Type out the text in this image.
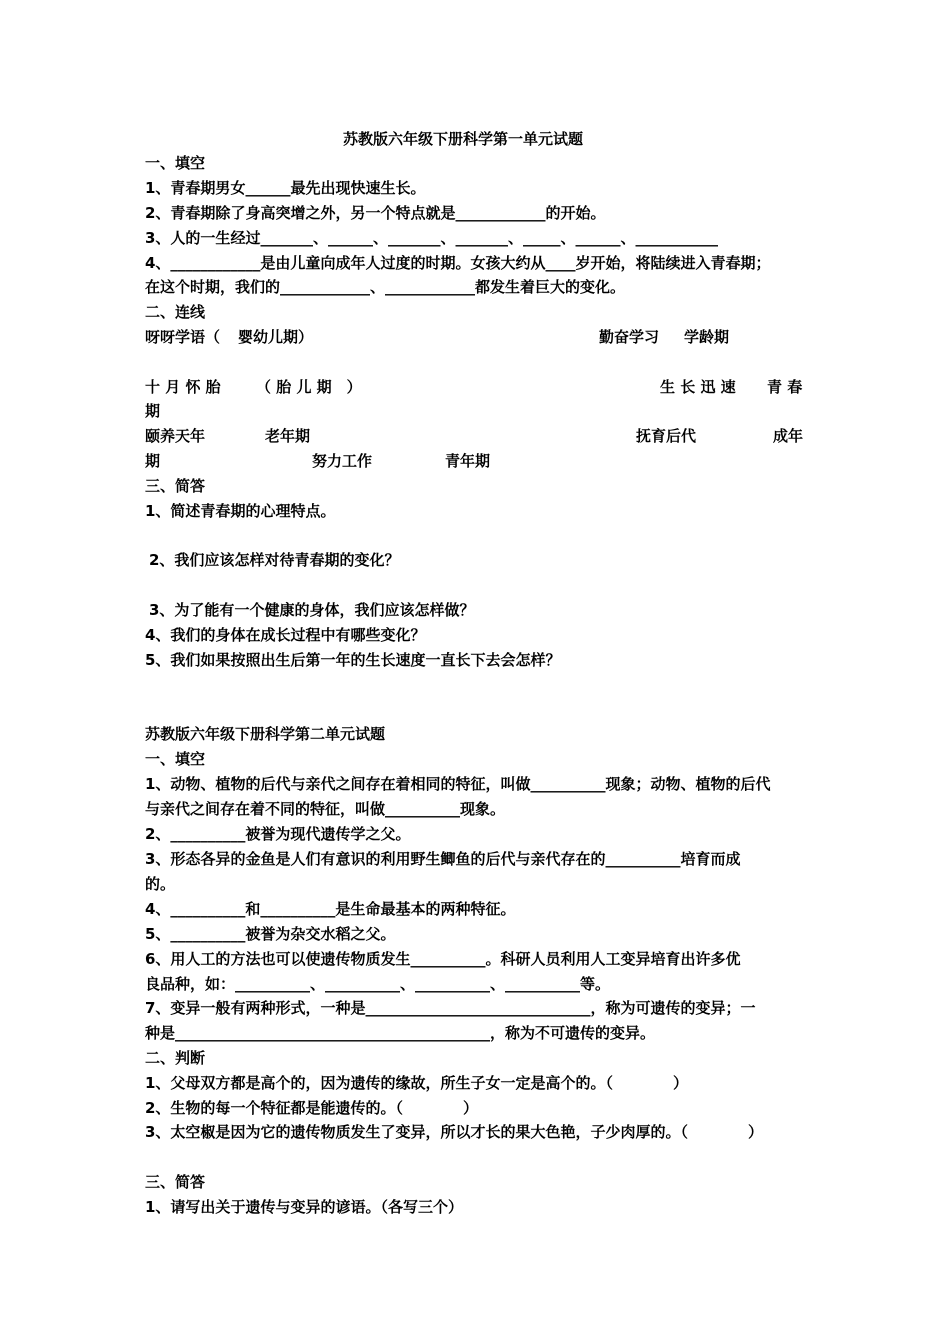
苏教版六年级下册科学第一单元试题
一、填空
1、青春期男女______最先出现快速生长。
2、青春期除了身高突增之外，另一个特点就是____________的开始。
3、人的一生经过_______、______、_______、_______、_____、______、___________
4、____________是由儿童向成年人过度的时期。女孩大约从____岁开始，将陆续进入青春期；
在这个时期，我们的____________、____________都发生着巨大的变化。
二、连线
呀呀学语（ 婴幼儿期）	勤奋学习 学龄期
十 月 怀 胎 （ 胎 儿 期　）	生 长 迅 速 青 春
期
颐养天年	老年期	抚育后代	成年
期	努力工作	青年期
三、简答
1、简述青春期的心理特点。
2、我们应该怎样对待青春期的变化？
3、为了能有一个健康的身体，我们应该怎样做？
4、我们的身体在成长过程中有哪些变化？
5、我们如果按照出生后第一年的生长速度一直长下去会怎样？
苏教版六年级下册科学第二单元试题
一、填空
1、动物、植物的后代与亲代之间存在着相同的特征，叫做__________现象；动物、植物的后代
与亲代之间存在着不同的特征，叫做__________现象。
2、__________被誉为现代遗传学之父。
3、形态各异的金鱼是人们有意识的利用野生鲫鱼的后代与亲代存在的__________培育而成
的。
4、__________和__________是生命最基本的两种特征。
5、__________被誉为杂交水稻之父。
6、用人工的方法也可以使遗传物质发生__________。科研人员利用人工变异培育出许多优
良品种，如：__________、__________、__________、__________等。
7、变异一般有两种形式，一种是______________________________，称为可遗传的变异；一
种是__________________________________________，称为不可遗传的变异。
二、判断
1、父母双方都是高个的，因为遗传的缘故，所生子女一定是高个的。（　　　　）
2、生物的每一个特征都是能遗传的。（　　　　）
3、太空椒是因为它的遗传物质发生了变异，所以才长的果大色艳，子少肉厚的。（　　　　）
三、简答
1、请写出关于遗传与变异的谚语。（各写三个）
